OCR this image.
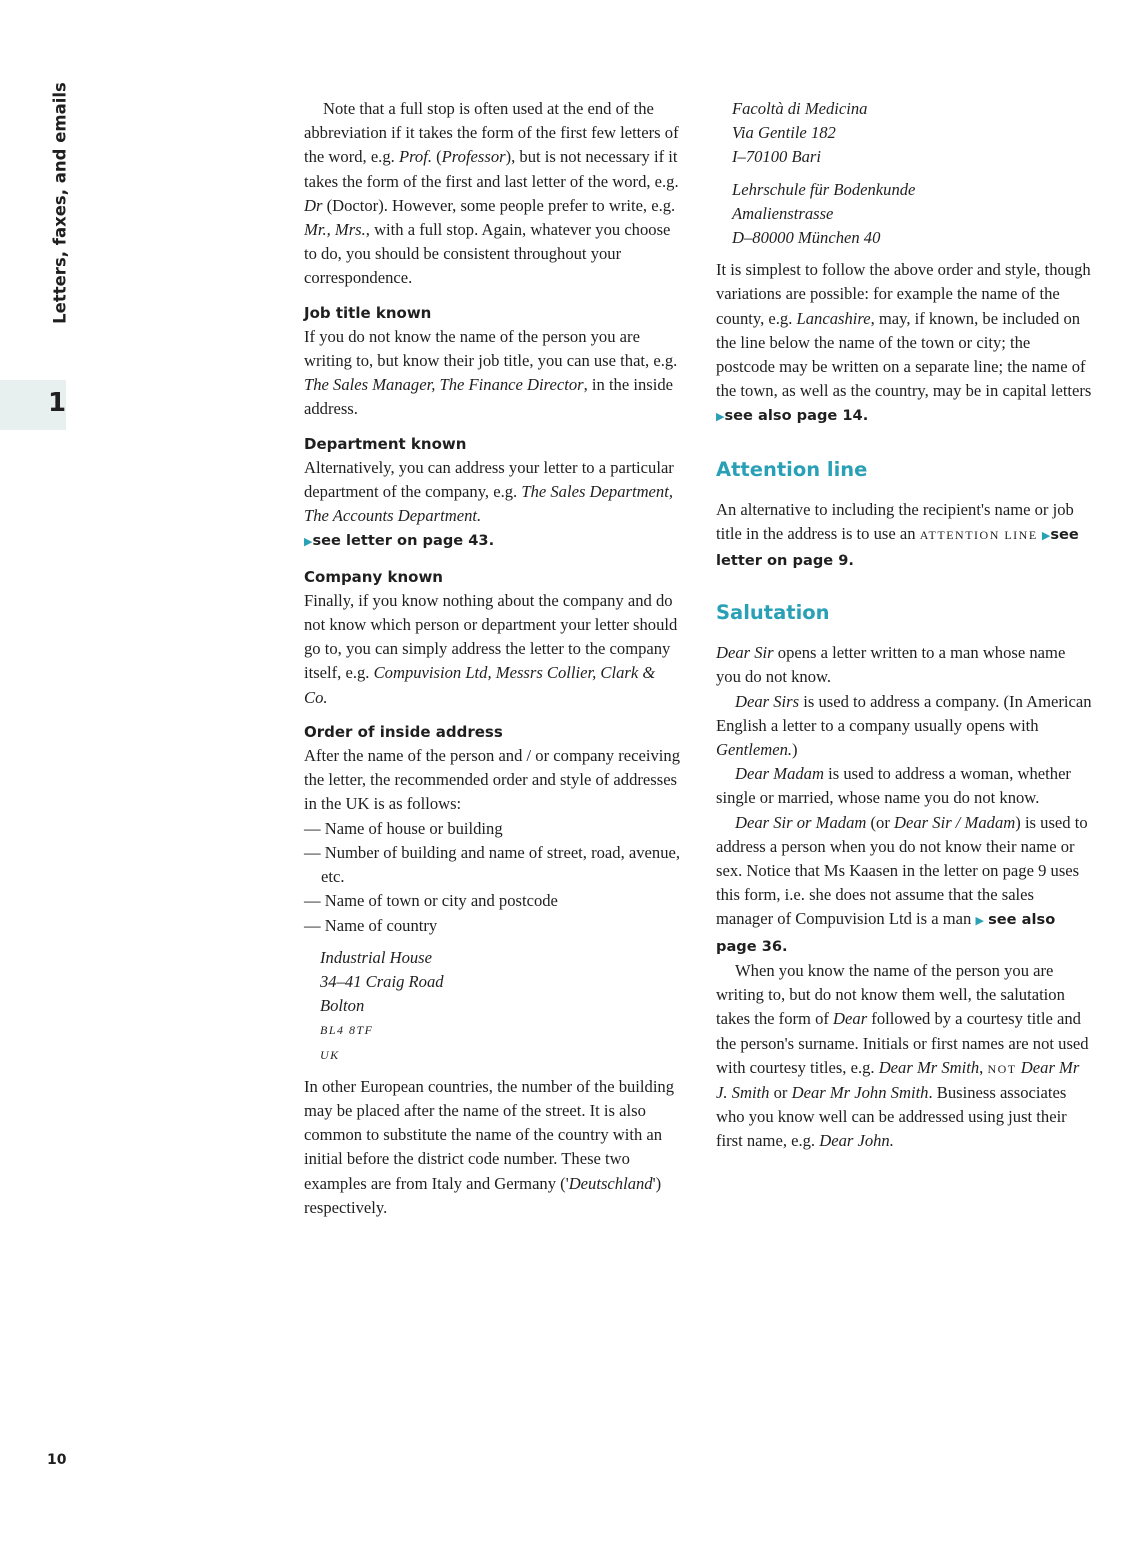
Letters, faxes, and emails
1
10

Note that a full stop is often used at the end of the abbreviation if it takes the form of the first few letters of the word, e.g. Prof. (Professor), but is not necessary if it takes the form of the first and last letter of the word, e.g. Dr (Doctor). However, some people prefer to write, e.g. Mr., Mrs., with a full stop. Again, whatever you choose to do, you should be consistent throughout your correspondence.

Job title known

If you do not know the name of the person you are writing to, but know their job title, you can use that, e.g. The Sales Manager, The Finance Director, in the inside address.

Department known

Alternatively, you can address your letter to a particular department of the company, e.g. The Sales Department, The Accounts Department.

▶see letter on page 43.

Company known

Finally, if you know nothing about the company and do not know which person or department your letter should go to, you can simply address the letter to the company itself, e.g. Compuvision Ltd, Messrs Collier, Clark & Co.

Order of inside address

After the name of the person and / or company receiving the letter, the recommended order and style of addresses in the UK is as follows:

— Name of house or building

— Number of building and name of street, road, avenue, etc.

— Name of town or city and postcode

— Name of country

Industrial House

34–41 Craig Road

Bolton

BL4 8TF

UK

In other European countries, the number of the building may be placed after the name of the street. It is also common to substitute the name of the country with an initial before the district code number. These two examples are from Italy and Germany ('Deutschland') respectively.

Facoltà di Medicina

Via Gentile 182

I–70100 Bari

Lehrschule für Bodenkunde

Amalienstrasse

D–80000 München 40

It is simplest to follow the above order and style, though variations are possible: for example the name of the county, e.g. Lancashire, may, if known, be included on the line below the name of the town or city; the postcode may be written on a separate line; the name of the town, as well as the country, may be in capital letters ▶see also page 14.

Attention line

An alternative to including the recipient's name or job title in the address is to use an ATTENTION LINE ▶see letter on page 9.

Salutation

Dear Sir opens a letter written to a man whose name you do not know.

Dear Sirs is used to address a company. (In American English a letter to a company usually opens with Gentlemen.)

Dear Madam is used to address a woman, whether single or married, whose name you do not know.

Dear Sir or Madam (or Dear Sir / Madam) is used to address a person when you do not know their name or sex. Notice that Ms Kaasen in the letter on page 9 uses this form, i.e. she does not assume that the sales manager of Compuvision Ltd is a man ▶ see also page 36.

When you know the name of the person you are writing to, but do not know them well, the salutation takes the form of Dear followed by a courtesy title and the person's surname. Initials or first names are not used with courtesy titles, e.g. Dear Mr Smith, NOT Dear Mr J. Smith or Dear Mr John Smith. Business associates who you know well can be addressed using just their first name, e.g. Dear John.
